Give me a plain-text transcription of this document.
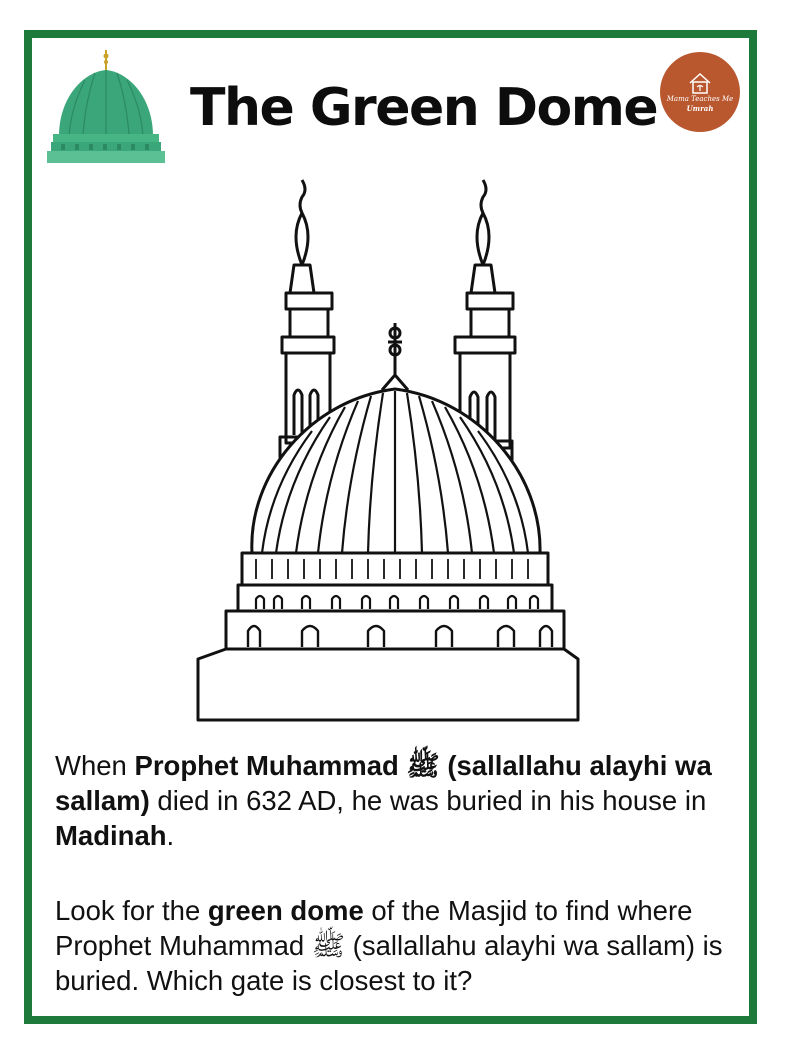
The Green Dome Mama Teaches Me
Umrah
When Prophet Muhammad ﷺ (sallallahu alayhi wa sallam) died in 632 AD, he was buried in his house in Madinah.
Look for the green dome of the Masjid to find where Prophet Muhammad ﷺ (sallallahu alayhi wa sallam) is buried. Which gate is closest to it?
